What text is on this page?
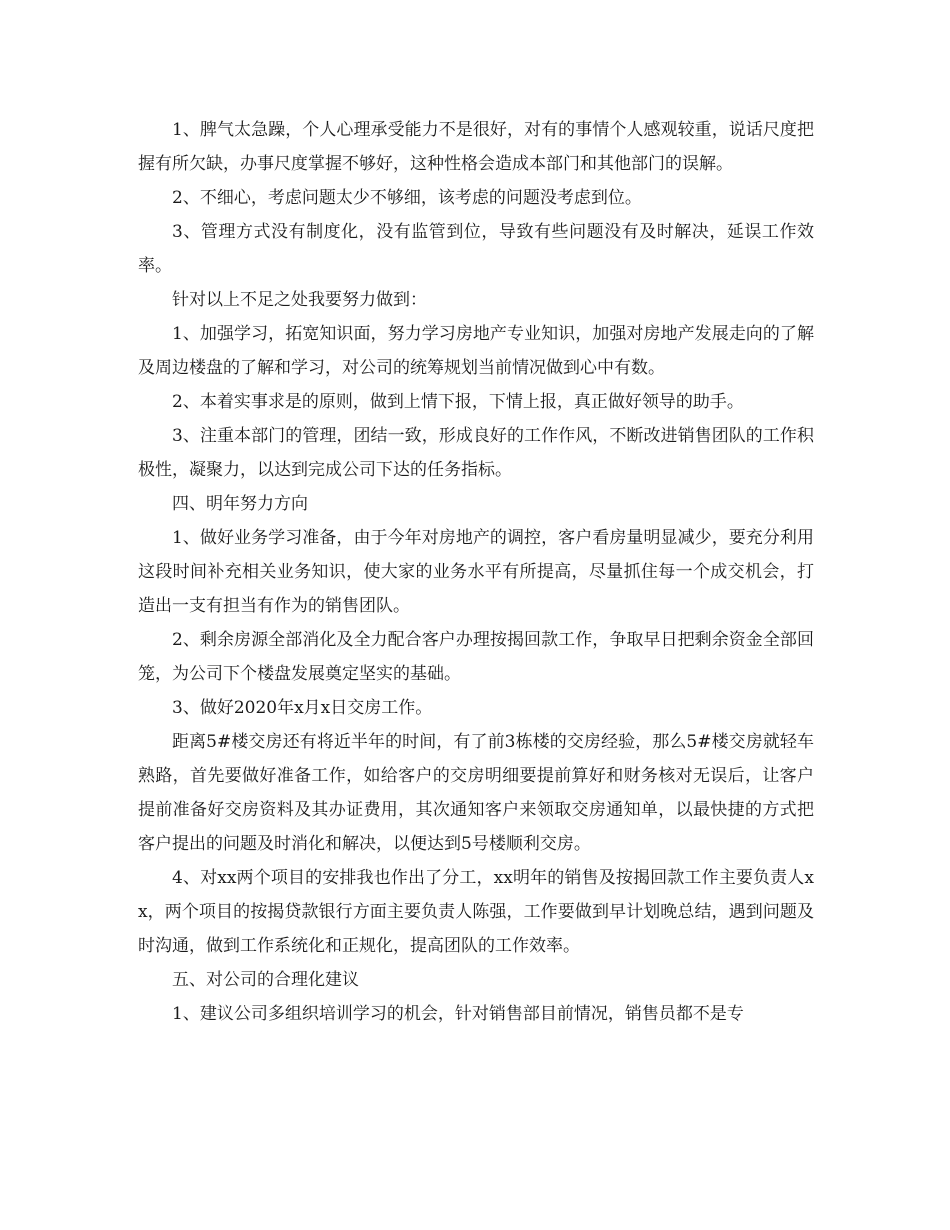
1、脾气太急躁，个人心理承受能力不是很好，对有的事情个人感观较重，说话尺度把握有所欠缺，办事尺度掌握不够好，这种性格会造成本部门和其他部门的误解。

2、不细心，考虑问题太少不够细，该考虑的问题没考虑到位。

3、管理方式没有制度化，没有监管到位，导致有些问题没有及时解决，延误工作效率。

针对以上不足之处我要努力做到：

1、加强学习，拓宽知识面，努力学习房地产专业知识，加强对房地产发展走向的了解及周边楼盘的了解和学习，对公司的统筹规划当前情况做到心中有数。

2、本着实事求是的原则，做到上情下报，下情上报，真正做好领导的助手。

3、注重本部门的管理，团结一致，形成良好的工作作风，不断改进销售团队的工作积极性，凝聚力，以达到完成公司下达的任务指标。

四、明年努力方向

1、做好业务学习准备，由于今年对房地产的调控，客户看房量明显减少，要充分利用这段时间补充相关业务知识，使大家的业务水平有所提高，尽量抓住每一个成交机会，打造出一支有担当有作为的销售团队。

2、剩余房源全部消化及全力配合客户办理按揭回款工作，争取早日把剩余资金全部回笼，为公司下个楼盘发展奠定坚实的基础。

3、做好2020年x月x日交房工作。

距离5#楼交房还有将近半年的时间，有了前3栋楼的交房经验，那么5#楼交房就轻车熟路，首先要做好准备工作，如给客户的交房明细要提前算好和财务核对无误后，让客户提前准备好交房资料及其办证费用，其次通知客户来领取交房通知单，以最快捷的方式把客户提出的问题及时消化和解决，以便达到5号楼顺利交房。

4、对xx两个项目的安排我也作出了分工，xx明年的销售及按揭回款工作主要负责人xx，两个项目的按揭贷款银行方面主要负责人陈强，工作要做到早计划晚总结，遇到问题及时沟通，做到工作系统化和正规化，提高团队的工作效率。

五、对公司的合理化建议

1、建议公司多组织培训学习的机会，针对销售部目前情况，销售员都不是专
